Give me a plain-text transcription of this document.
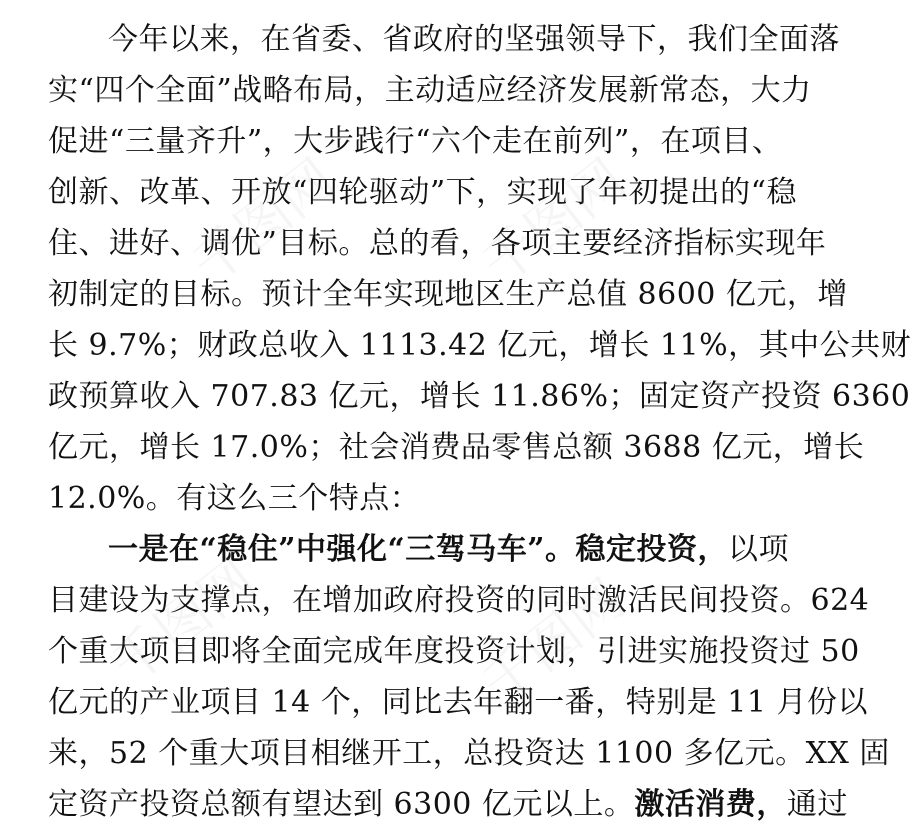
今年以来，在省委、省政府的坚强领导下，我们全面落
实“四个全面”战略布局，主动适应经济发展新常态，大力
促进“三量齐升”，大步践行“六个走在前列”，在项目、
创新、改革、开放“四轮驱动”下，实现了年初提出的“稳
住、进好、调优”目标。总的看，各项主要经济指标实现年
初制定的目标。预计全年实现地区生产总值 8600 亿元，增
长 9.7%；财政总收入 1113.42 亿元，增长 11%，其中公共财
政预算收入 707.83 亿元，增长 11.86%；固定资产投资 6360
亿元，增长 17.0%；社会消费品零售总额 3688 亿元，增长
12.0%。有这么三个特点：
一是在“稳住”中强化“三驾马车”。稳定投资，以项
目建设为支撑点，在增加政府投资的同时激活民间投资。624
个重大项目即将全面完成年度投资计划，引进实施投资过 50
亿元的产业项目 14 个，同比去年翻一番，特别是 11 月份以
来，52 个重大项目相继开工，总投资达 1100 多亿元。XX 固
定资产投资总额有望达到 6300 亿元以上。激活消费，通过
千图网 千图网
千图网	千图网
